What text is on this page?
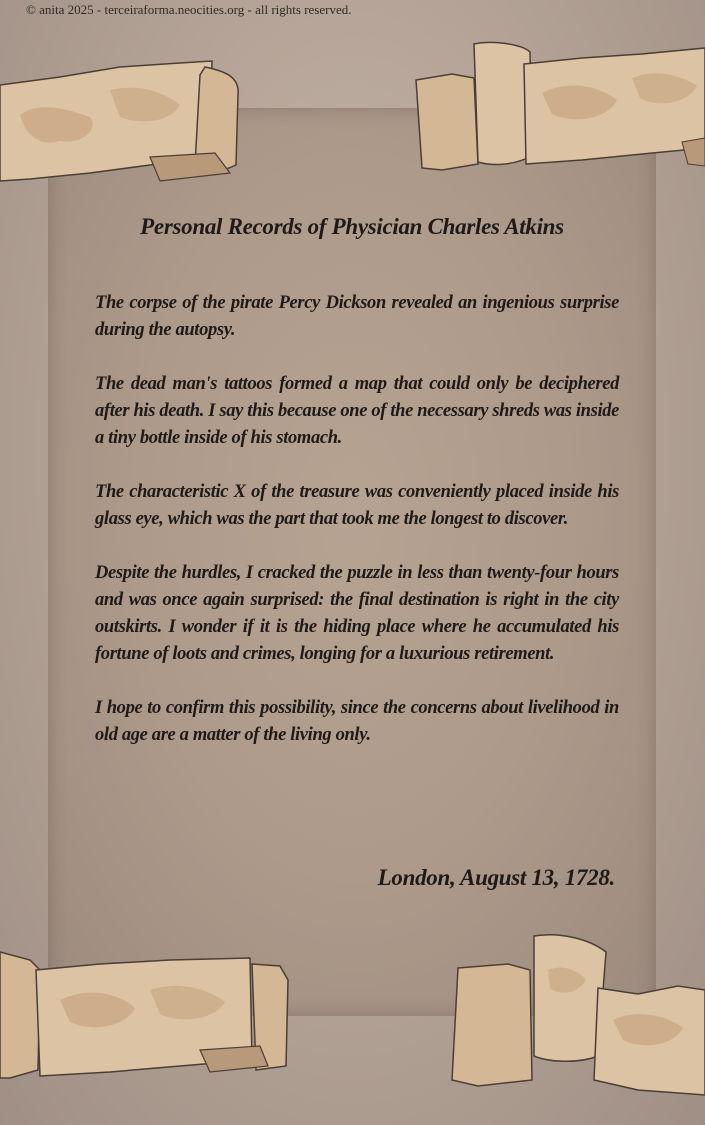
© anita 2025 - terceiraforma.neocities.org - all rights reserved.
Personal Records of Physician Charles Atkins

The corpse of the pirate Percy Dickson revealed an ingenious surprise during the autopsy.

The dead man's tattoos formed a map that could only be deciphered after his death. I say this because one of the necessary shreds was inside a tiny bottle inside of his stomach.

The characteristic X of the treasure was conveniently placed inside his glass eye, which was the part that took me the longest to discover.

Despite the hurdles, I cracked the puzzle in less than twenty-four hours and was once again surprised: the final destination is right in the city outskirts. I wonder if it is the hiding place where he accumulated his fortune of loots and crimes, longing for a luxurious retirement.

I hope to confirm this possibility, since the concerns about livelihood in old age are a matter of the living only.

London, August 13, 1728.
